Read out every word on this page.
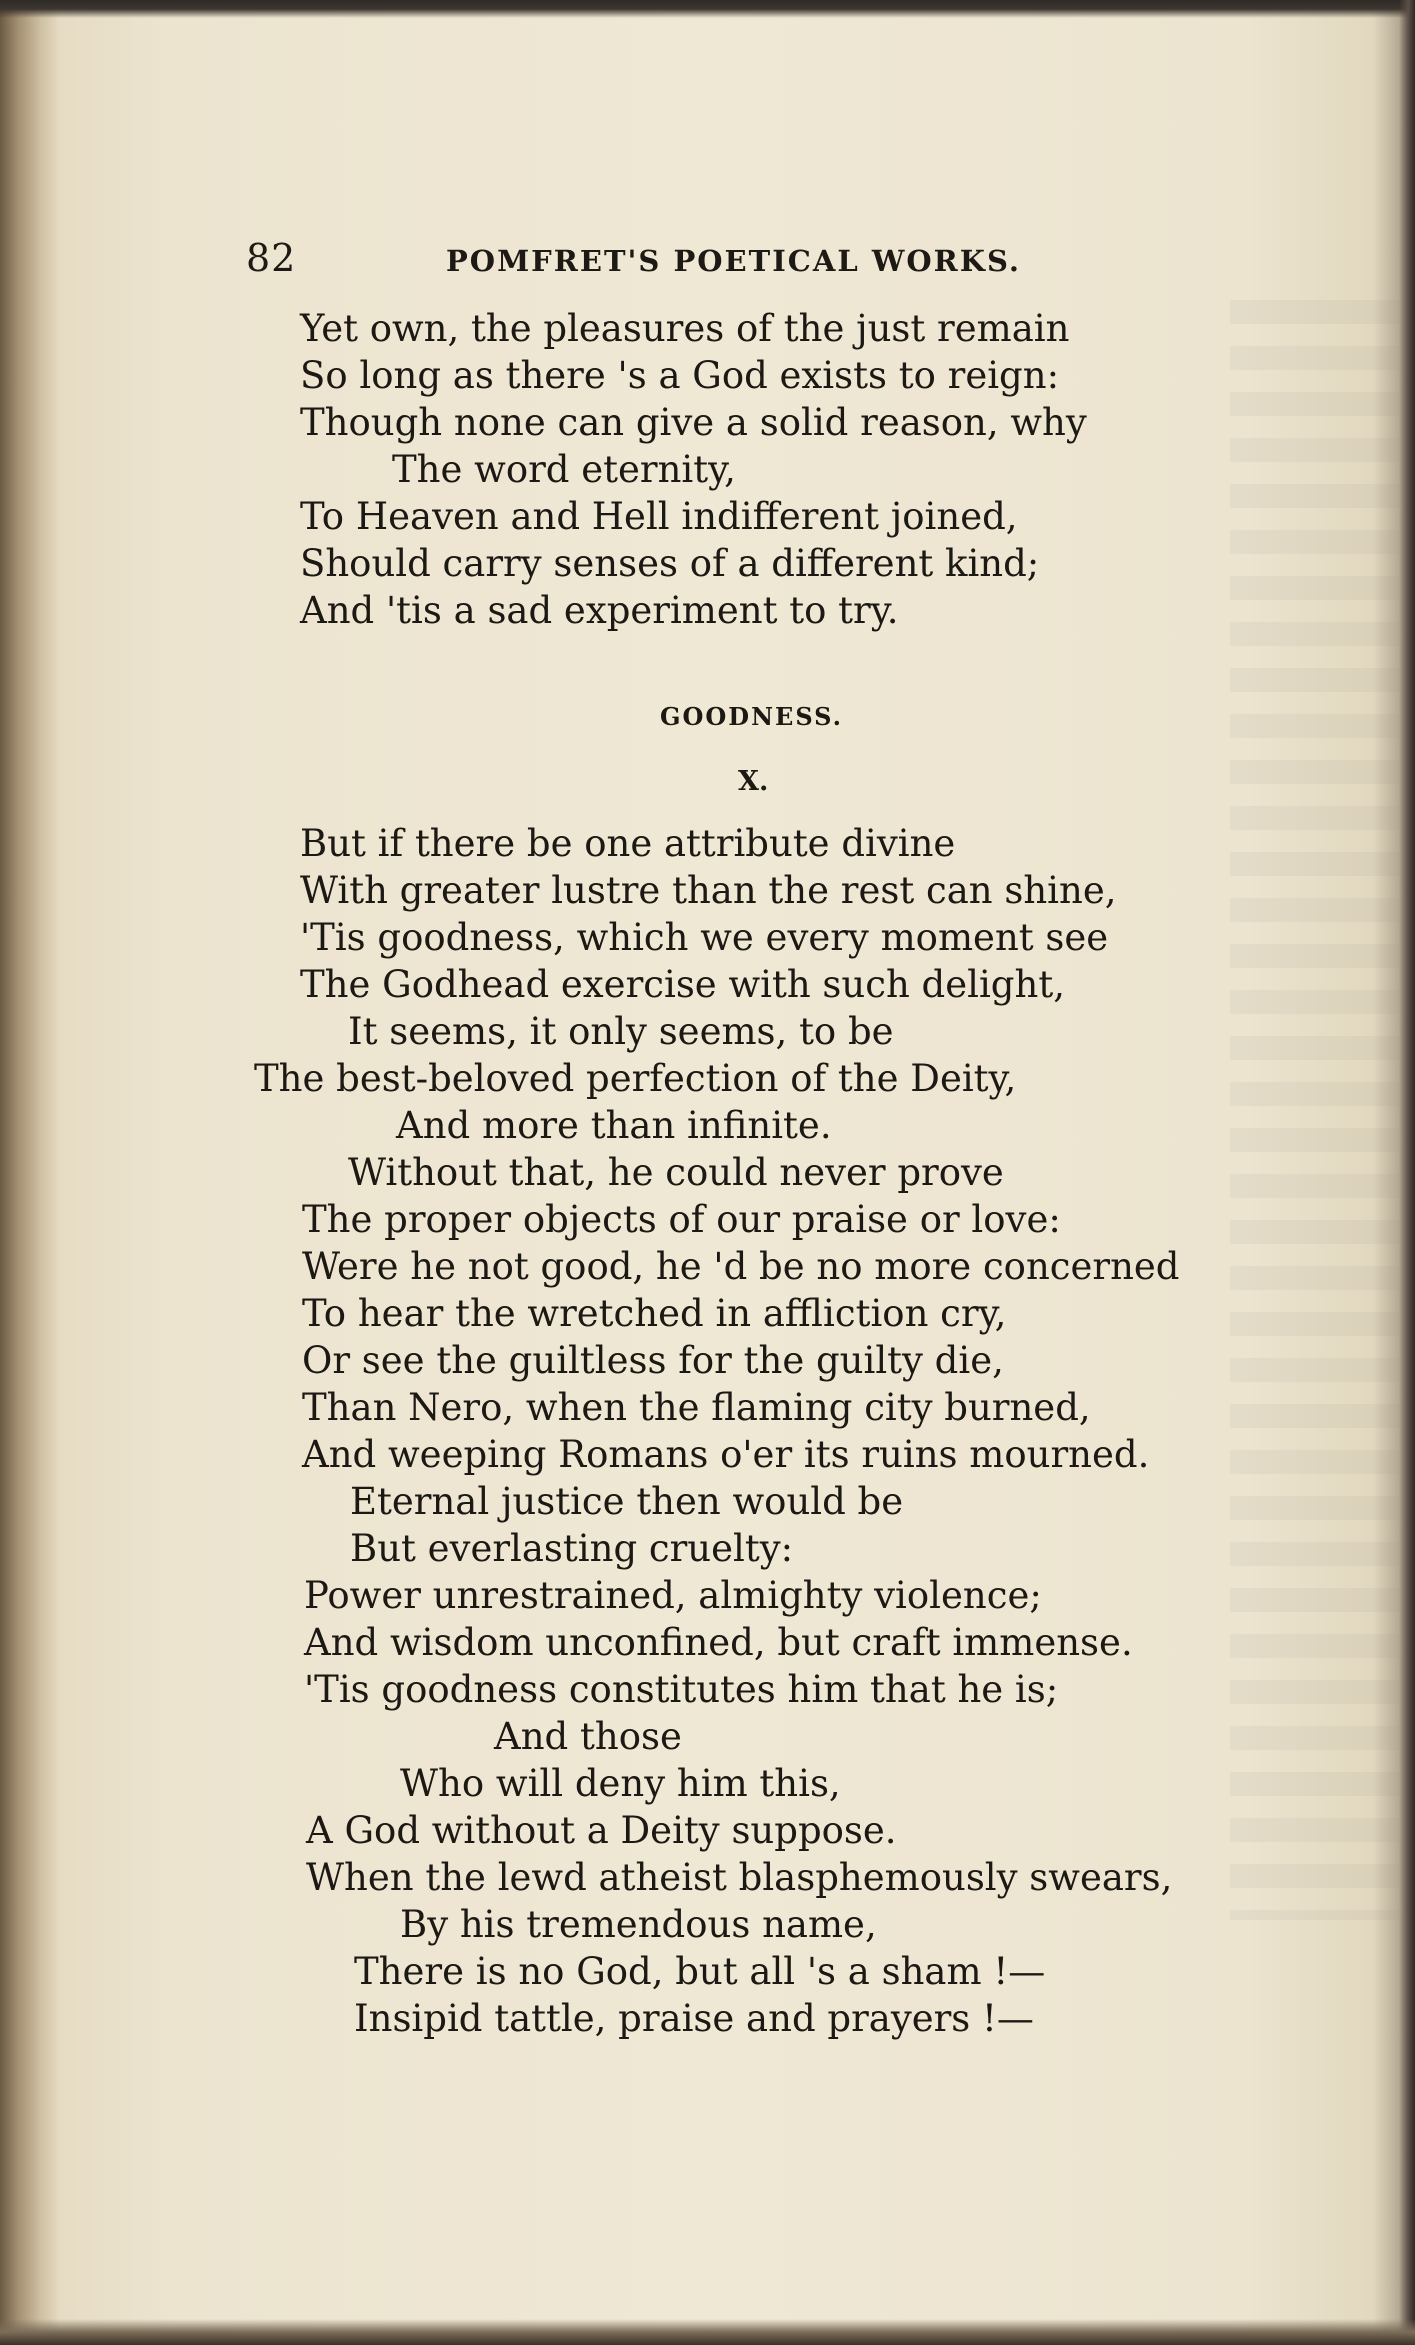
82	POMFRET'S POETICAL WORKS.
Yet own, the pleasures of the just remain
So long as there 's a God exists to reign:
Though none can give a solid reason, why
The word eternity,
To Heaven and Hell indifferent joined,
Should carry senses of a different kind;
And 'tis a sad experiment to try.
GOODNESS.
X.
But if there be one attribute divine
With greater lustre than the rest can shine,
'Tis goodness, which we every moment see
The Godhead exercise with such delight,
It seems, it only seems, to be
The best-beloved perfection of the Deity,
And more than infinite.
Without that, he could never prove
The proper objects of our praise or love:
Were he not good, he 'd be no more concerned
To hear the wretched in affliction cry,
Or see the guiltless for the guilty die,
Than Nero, when the flaming city burned,
And weeping Romans o'er its ruins mourned.
Eternal justice then would be
But everlasting cruelty:
Power unrestrained, almighty violence;
And wisdom unconfined, but craft immense.
'Tis goodness constitutes him that he is;
And those
Who will deny him this,
A God without a Deity suppose.
When the lewd atheist blasphemously swears,
By his tremendous name,
There is no God, but all 's a sham !—
Insipid tattle, praise and prayers !—
